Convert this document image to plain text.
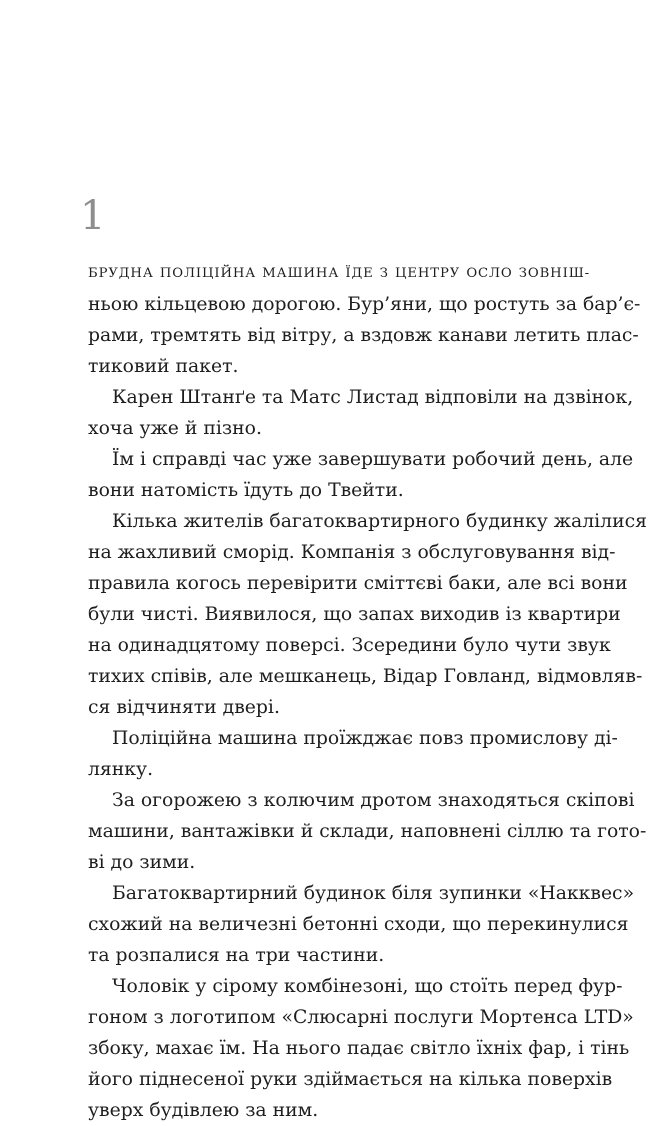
1
БРУДНА ПОЛІЦІЙНА МАШИНА ЇДЕ З ЦЕНТРУ ОСЛО ЗОВНІШ-
ньою кільцевою дорогою. Бур’яни, що ростуть за бар’є-
рами, тремтять від вітру, а вздовж канави летить плас-
тиковий пакет.
Карен Штанґе та Матс Листад відповіли на дзвінок,
хоча уже й пізно.
Їм і справді час уже завершувати робочий день, але
вони натомість їдуть до Твейти.
Кілька жителів багатоквартирного будинку жалілися
на жахливий сморід. Компанія з обслуговування від-
правила когось перевірити сміттєві баки, але всі вони
були чисті. Виявилося, що запах виходив із квартири
на одинадцятому поверсі. Зсередини було чути звук
тихих співів, але мешканець, Відар Говланд, відмовляв-
ся відчиняти двері.
Поліційна машина проїжджає повз промислову ді-
лянку.
За огорожею з колючим дротом знаходяться скіпові
машини, вантажівки й склади, наповнені сіллю та гото-
ві до зими.
Багатоквартирний будинок біля зупинки «Накквес»
схожий на величезні бетонні сходи, що перекинулися
та розпалися на три частини.
Чоловік у сірому комбінезоні, що стоїть перед фур-
гоном з логотипом «Слюсарні послуги Мортенса LTD»
збоку, махає їм. На нього падає світло їхніх фар, і тінь
його піднесеної руки здіймається на кілька поверхів
уверх будівлею за ним.
